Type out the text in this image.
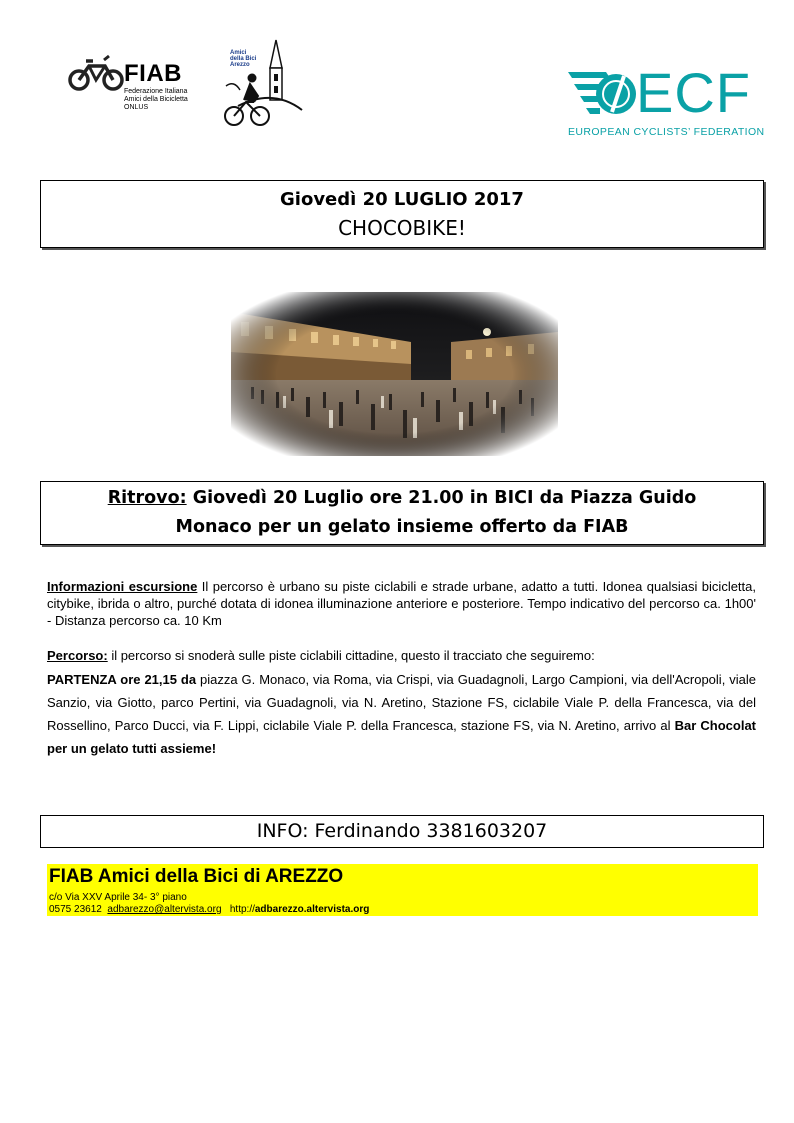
FIAB
Federazione Italiana
Amici della Bicicletta
ONLUS
Amici
della Bici
Arezzo	ECF
EUROPEAN CYCLISTS’ FEDERATION
Giovedì 20 LUGLIO 2017
CHOCOBIKE!
Ritrovo: Giovedì 20 Luglio ore 21.00 in BICI da Piazza Guido
Monaco per un gelato insieme offerto da FIAB
Informazioni escursione Il percorso è urbano su piste ciclabili e strade urbane, adatto a tutti. Idonea qualsiasi bicicletta, citybike, ibrida o altro, purché dotata di idonea illuminazione anteriore e posteriore. Tempo indicativo del percorso ca. 1h00' - Distanza percorso ca. 10 Km
Percorso: il percorso si snoderà sulle piste ciclabili cittadine, questo il tracciato che seguiremo:
PARTENZA ore 21,15 da piazza G. Monaco, via Roma, via Crispi, via Guadagnoli, Largo Campioni, via dell'Acropoli, viale Sanzio, via Giotto, parco Pertini, via Guadagnoli, via N. Aretino, Stazione FS, ciclabile Viale P. della Francesca, via del Rossellino, Parco Ducci, via F. Lippi, ciclabile Viale P. della Francesca, stazione FS, via N. Aretino, arrivo al Bar Chocolat per un gelato tutti assieme!
INFO: Ferdinando 3381603207
FIAB Amici della Bici di AREZZO
c/o Via XXV Aprile 34- 3° piano
0575 23612 adbarezzo@altervista.org http://adbarezzo.altervista.org
